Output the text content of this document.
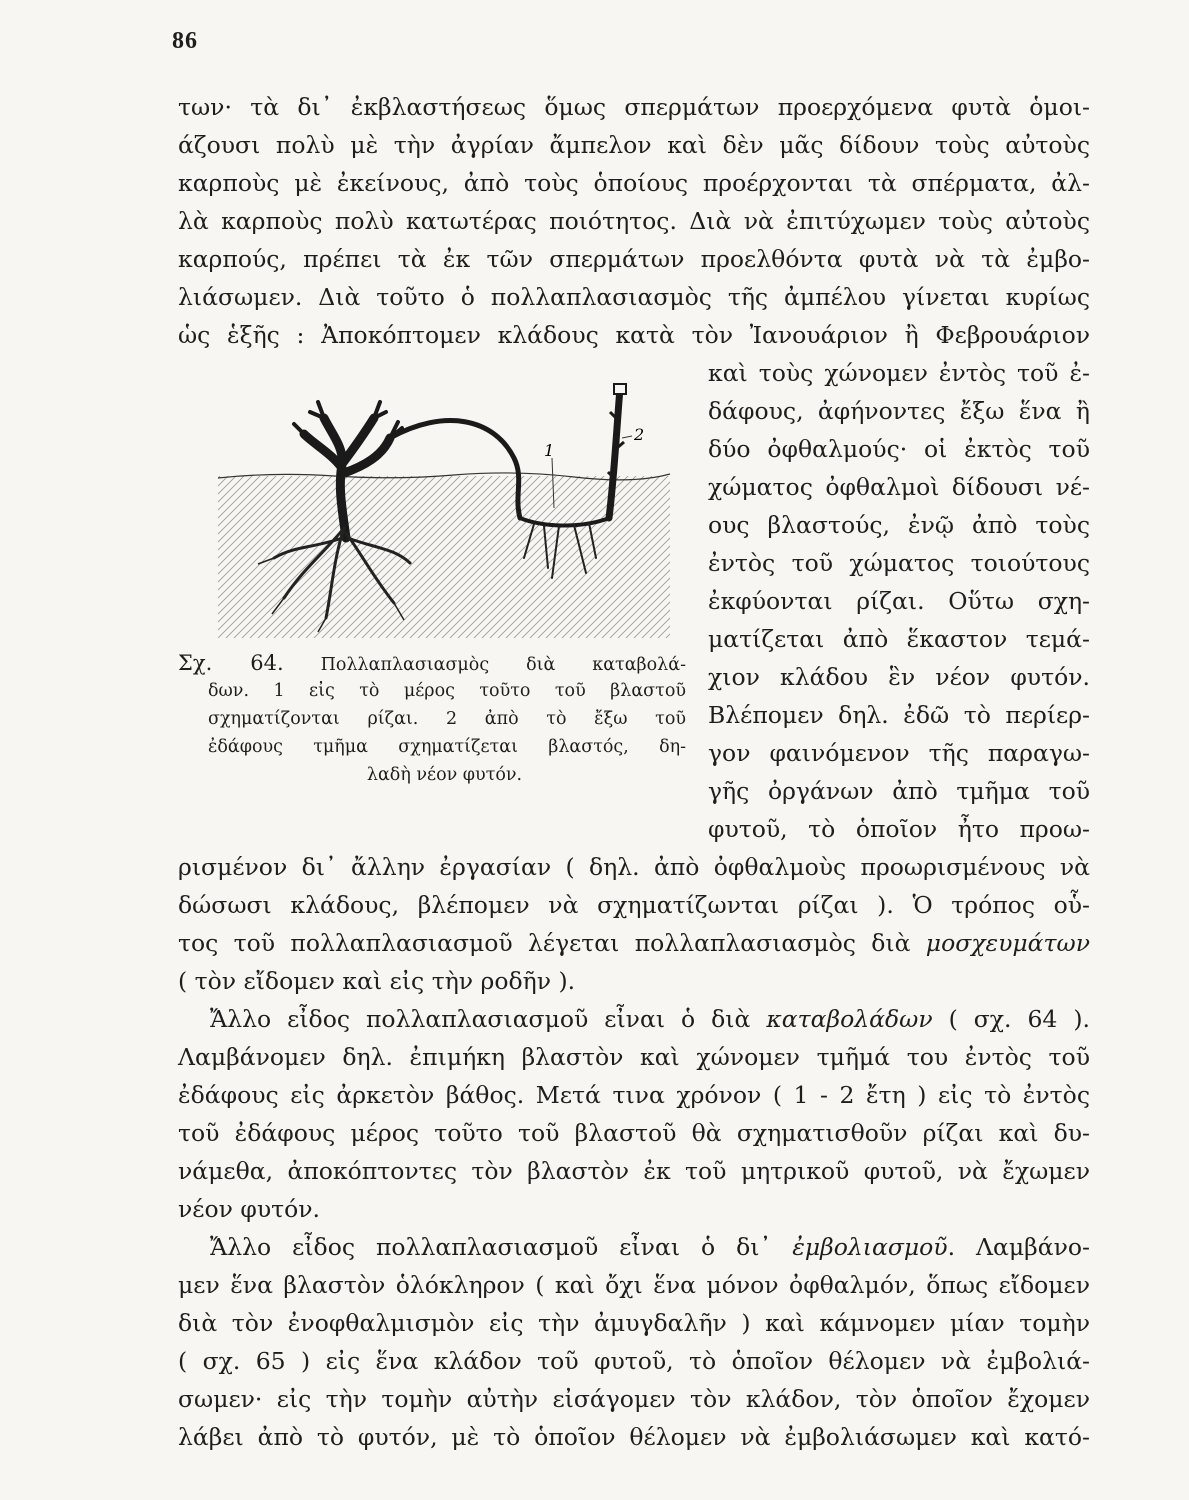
86
των· τὰ δι᾽ ἐκβλαστήσεως ὅμως σπερμάτων προερχόμενα φυτὰ ὁμοι-
άζουσι πολὺ μὲ τὴν ἀγρίαν ἄμπελον καὶ δὲν μᾶς δίδουν τοὺς αὐτοὺς
καρποὺς μὲ ἐκείνους, ἀπὸ τοὺς ὁποίους προέρχονται τὰ σπέρματα, ἀλ-
λὰ καρποὺς πολὺ κατωτέρας ποιότητος. Διὰ νὰ ἐπιτύχωμεν τοὺς αὐτοὺς
καρπούς, πρέπει τὰ ἐκ τῶν σπερμάτων προελθόντα φυτὰ νὰ τὰ ἐμβο-
λιάσωμεν. Διὰ τοῦτο ὁ πολλαπλασιασμὸς τῆς ἀμπέλου γίνεται κυρίως
ὡς ἑξῆς : Ἀποκόπτομεν κλάδους κατὰ τὸν Ἰανουάριον ἢ Φεβρουάριον
καὶ τοὺς χώνομεν ἐντὸς τοῦ ἐ-
δάφους, ἀφήνοντες ἔξω ἕνα ἢ
δύο ὀφθαλμούς· οἱ ἐκτὸς τοῦ
χώματος ὀφθαλμοὶ δίδουσι νέ-
ους βλαστούς, ἐνῷ ἀπὸ τοὺς
ἐντὸς τοῦ χώματος τοιούτους
ἐκφύονται ρίζαι. Οὕτω σχη-
ματίζεται ἀπὸ ἕκαστον τεμά-
χιον κλάδου ἓν νέον φυτόν.
Βλέπομεν δηλ. ἐδῶ τὸ περίερ-
γον φαινόμενον τῆς παραγω-
γῆς ὀργάνων ἀπὸ τμῆμα τοῦ
φυτοῦ, τὸ ὁποῖον ἦτο προω-
1
2
Σχ. 64. Πολλαπλασιασμὸς διὰ καταβολά-
δων. 1 εἰς τὸ μέρος τοῦτο τοῦ βλαστοῦ
σχηματίζονται ρίζαι. 2 ἀπὸ τὸ ἔξω τοῦ
ἐδάφους τμῆμα σχηματίζεται βλαστός, δη-
λαδὴ νέον φυτόν.
ρισμένον δι᾽ ἄλλην ἐργασίαν ( δηλ. ἀπὸ ὀφθαλμοὺς προωρισμένους νὰ
δώσωσι κλάδους, βλέπομεν νὰ σχηματίζωνται ρίζαι ). Ὁ τρόπος οὗ-
τος τοῦ πολλαπλασιασμοῦ λέγεται πολλαπλασιασμὸς διὰ μοσχευμάτων
( τὸν εἴδομεν καὶ εἰς τὴν ροδῆν ).
Ἄλλο εἶδος πολλαπλασιασμοῦ εἶναι ὁ διὰ καταβολάδων ( σχ. 64 ).
Λαμβάνομεν δηλ. ἐπιμήκη βλαστὸν καὶ χώνομεν τμῆμά του ἐντὸς τοῦ
ἐδάφους εἰς ἀρκετὸν βάθος. Μετά τινα χρόνον ( 1 - 2 ἔτη ) εἰς τὸ ἐντὸς
τοῦ ἐδάφους μέρος τοῦτο τοῦ βλαστοῦ θὰ σχηματισθοῦν ρίζαι καὶ δυ-
νάμεθα, ἀποκόπτοντες τὸν βλαστὸν ἐκ τοῦ μητρικοῦ φυτοῦ, νὰ ἔχωμεν
νέον φυτόν.
Ἄλλο εἶδος πολλαπλασιασμοῦ εἶναι ὁ δι᾽ ἐμβολιασμοῦ. Λαμβάνο-
μεν ἕνα βλαστὸν ὁλόκληρον ( καὶ ὄχι ἕνα μόνον ὀφθαλμόν, ὅπως εἴδομεν
διὰ τὸν ἐνοφθαλμισμὸν εἰς τὴν ἀμυγδαλῆν ) καὶ κάμνομεν μίαν τομὴν
( σχ. 65 ) εἰς ἕνα κλάδον τοῦ φυτοῦ, τὸ ὁποῖον θέλομεν νὰ ἐμβολιά-
σωμεν· εἰς τὴν τομὴν αὐτὴν εἰσάγομεν τὸν κλάδον, τὸν ὁποῖον ἔχομεν
λάβει ἀπὸ τὸ φυτόν, μὲ τὸ ὁποῖον θέλομεν νὰ ἐμβολιάσωμεν καὶ κατό-
